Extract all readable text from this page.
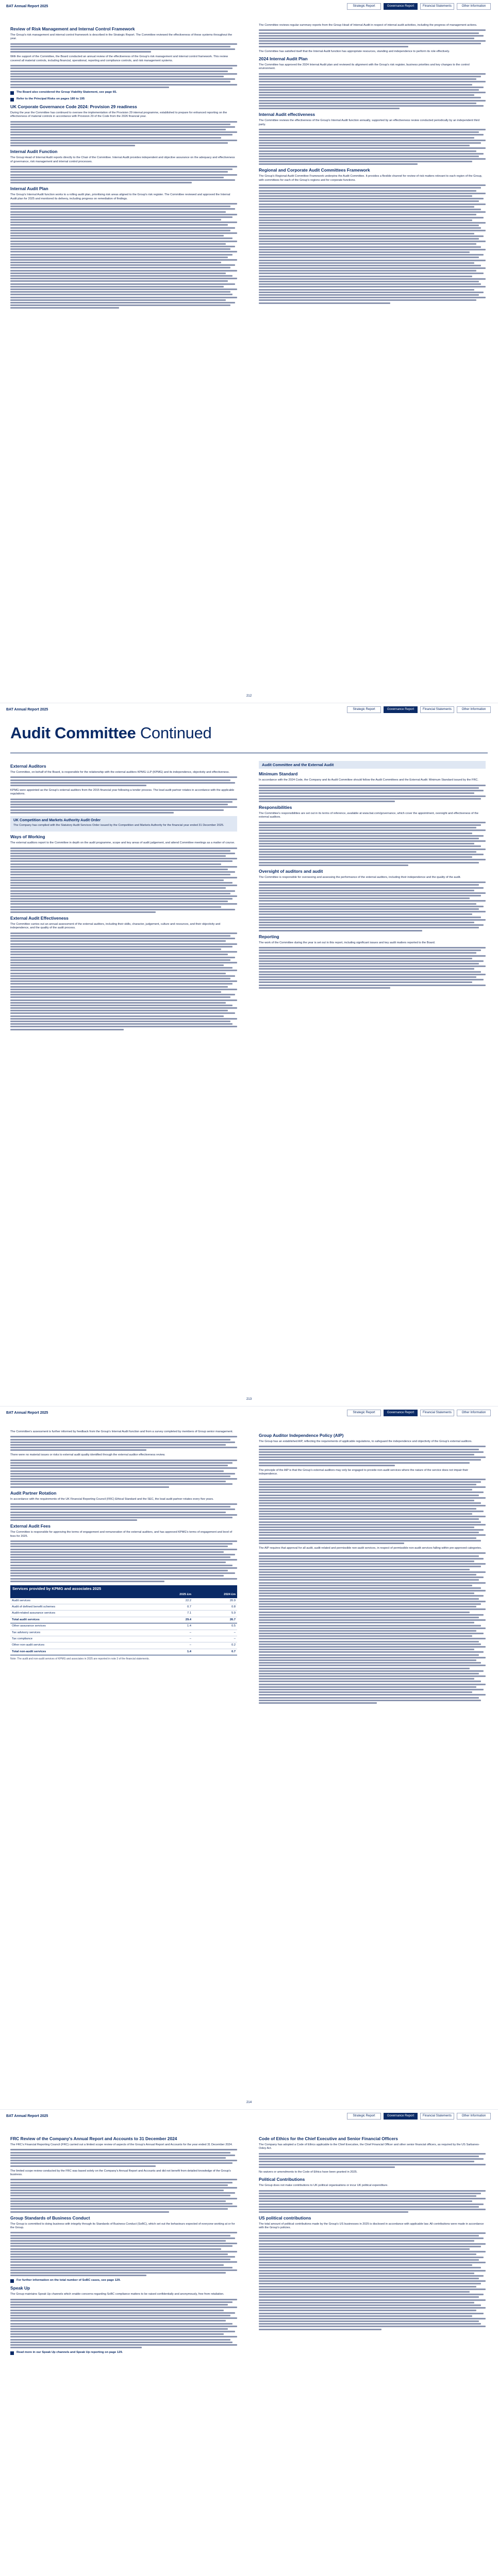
BAT Annual Report 2025	Strategic Report	Governance Report	Financial Statements	Other Information
Review of Risk Management and Internal Control Framework

The Group's risk management and internal control framework is described in the Strategic Report. The Committee reviewed the effectiveness of these systems throughout the year.

With the support of the Committee, the Board conducted an annual review of the effectiveness of the Group's risk management and internal control framework. This review covered all material controls, including financial, operational, reporting and compliance controls, and risk management systems.

The Board also considered the Group Viability Statement, see page 65.
Refer to the Principal Risks on pages 180 to 195
UK Corporate Governance Code 2024: Provision 29 readiness

During the year the Committee has continued to oversee the implementation of the Provision 29 internal programme, established to prepare for enhanced reporting on the effectiveness of material controls in accordance with Provision 29 of the Code from the 2026 financial year.

Internal Audit Function

The Group Head of Internal Audit reports directly to the Chair of the Committee. Internal Audit provides independent and objective assurance on the adequacy and effectiveness of governance, risk management and internal control processes.

Internal Audit Plan

The Group's Internal Audit function works to a rolling audit plan, prioritising risk areas aligned to the Group's risk register. The Committee reviewed and approved the Internal Audit plan for 2025 and monitored its delivery, including progress on remediation of findings.

The Committee reviews regular summary reports from the Group Head of Internal Audit in respect of internal audit activities, including the progress of management actions.

The Committee has satisfied itself that the Internal Audit function has appropriate resources, standing and independence to perform its role effectively.

2024 Internal Audit Plan

The Committee has approved the 2024 Internal Audit plan and reviewed its alignment with the Group's risk register, business priorities and key changes to the control environment.

Internal Audit effectiveness

The Committee reviews the effectiveness of the Group's Internal Audit function annually, supported by an effectiveness review conducted periodically by an independent third party.

Regional and Corporate Audit Committees Framework

The Group's Regional Audit Committee Framework underpins the Audit Committee. It provides a flexible channel for review of risk matters relevant to each region of the Group, with committees for each of the Group's regions and for corporate functions.

212
BAT Annual Report 2025	Strategic Report	Governance Report	Financial Statements	Other Information
Audit Committee Continued
External Auditors

The Committee, on behalf of the Board, is responsible for the relationship with the external auditors KPMG LLP (KPMG) and its independence, objectivity and effectiveness.

KPMG were appointed as the Group's external auditors from the 2015 financial year following a tender process. The lead audit partner rotates in accordance with the applicable regulations.

UK Competition and Markets Authority Audit Order

The Company has complied with the Statutory Audit Services Order issued by the Competition and Markets Authority for the financial year ended 31 December 2025.

Ways of Working

The external auditors report to the Committee in depth on the audit programme, scope and key areas of audit judgement, and attend Committee meetings as a matter of course.

External Audit Effectiveness

The Committee carries out an annual assessment of the external auditors, including their skills, character, judgement, culture and resources, and their objectivity and independence, and the quality of the audit process.

Audit Committee and the External Audit
Minimum Standard

In accordance with the 2024 Code, the Company and its Audit Committee should follow the Audit Committees and the External Audit: Minimum Standard issued by the FRC.

Responsibilities

The Committee's responsibilities are set out in its terms of reference, available at www.bat.com/governance, which cover the appointment, oversight and effectiveness of the external auditors.

Oversight of auditors and audit

The Committee is responsible for overseeing and assessing the performance of the external auditors, including their independence and the quality of the audit.

Reporting

The work of the Committee during the year is set out in this report, including significant issues and key audit matters reported to the Board.

213
BAT Annual Report 2025	Strategic Report	Governance Report	Financial Statements	Other Information

The Committee's assessment is further informed by feedback from the Group's Internal Audit function and from a survey completed by members of Group senior management.

There were no material issues or risks to external audit quality identified through the external auditor effectiveness review.

Audit Partner Rotation

In accordance with the requirements of the UK Financial Reporting Council (FRC) Ethical Standard and the SEC, the lead audit partner rotates every five years.

External Audit Fees

The Committee is responsible for approving the terms of engagement and remuneration of the external auditors, and has approved KPMG's terms of engagement and level of fees for 2025.

Services provided by KPMG and associates 2025
	2025 £m	2024 £m
Audit services	22.2	20.9
Audit of defined benefit schemes	0.7	0.8
Audit-related assurance services	7.1	5.9
Total audit services	29.4	26.7
Other assurance services	1.4	0.5
Tax advisory services	–	–
Tax compliance	–	–
Other non-audit services	–	0.2
Total non-audit services	1.4	0.7
Note: The audit and non-audit services of KPMG and associates in 2025 are reported in note 3 of the financial statements.
Group Auditor Independence Policy (AIP)

The Group has an established AIP, reflecting the requirements of applicable regulations, to safeguard the independence and objectivity of the Group's external auditors.

The principle of the AIP is that the Group's external auditors may only be engaged to provide non-audit services where the nature of the service does not impair their independence.

The AIP requires that approval for all audit, audit-related and permissible non-audit services, in respect of permissible non-audit services falling within pre-approved categories.

214
BAT Annual Report 2025	Strategic Report	Governance Report	Financial Statements	Other Information
FRC Review of the Company's Annual Report and Accounts to 31 December 2024

The FRC's Financial Reporting Council (FRC) carried out a limited scope review of aspects of the Group's Annual Report and Accounts for the year ended 31 December 2024.

The limited scope review conducted by the FRC was based solely on the Company's Annual Report and Accounts and did not benefit from detailed knowledge of the Group's business.

Group Standards of Business Conduct

The Group is committed to doing business with integrity through its Standards of Business Conduct (SoBC), which set out the behaviours expected of everyone working at or for the Group.

For further information on the total number of SoBC cases, see page 129.
Speak Up

The Group maintains Speak Up channels which enable concerns regarding SoBC compliance matters to be raised confidentially and anonymously, free from retaliation.

Read more in our Speak Up channels and Speak Up reporting on page 129.
Code of Ethics for the Chief Executive and Senior Financial Officers

The Company has adopted a Code of Ethics applicable to the Chief Executive, the Chief Financial Officer and other senior financial officers, as required by the US Sarbanes-Oxley Act.

No waivers or amendments to the Code of Ethics have been granted in 2025.

Political Contributions

The Group does not make contributions to UK political organisations or incur UK political expenditure.

US political contributions

The total amount of political contributions made by the Group's US businesses in 2025 is disclosed in accordance with applicable law. All contributions were made in accordance with the Group's policies.
